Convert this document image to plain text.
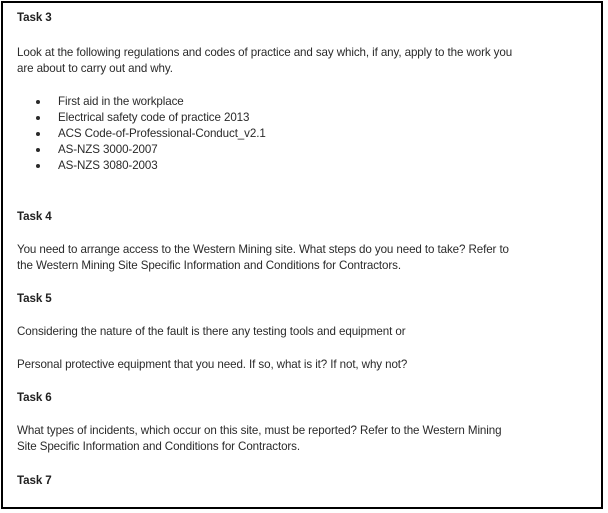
Task 3

Look at the following regulations and codes of practice and say which, if any, apply to the work you

are about to carry out and why.

First aid in the workplace
Electrical safety code of practice 2013
ACS Code-of-Professional-Conduct_v2.1
AS-NZS 3000-2007
AS-NZS 3080-2003

Task 4

You need to arrange access to the Western Mining site. What steps do you need to take? Refer to

the Western Mining Site Specific Information and Conditions for Contractors.

Task 5

Considering the nature of the fault is there any testing tools and equipment or

Personal protective equipment that you need. If so, what is it? If not, why not?

Task 6

What types of incidents, which occur on this site, must be reported? Refer to the Western Mining

Site Specific Information and Conditions for Contractors.

Task 7
